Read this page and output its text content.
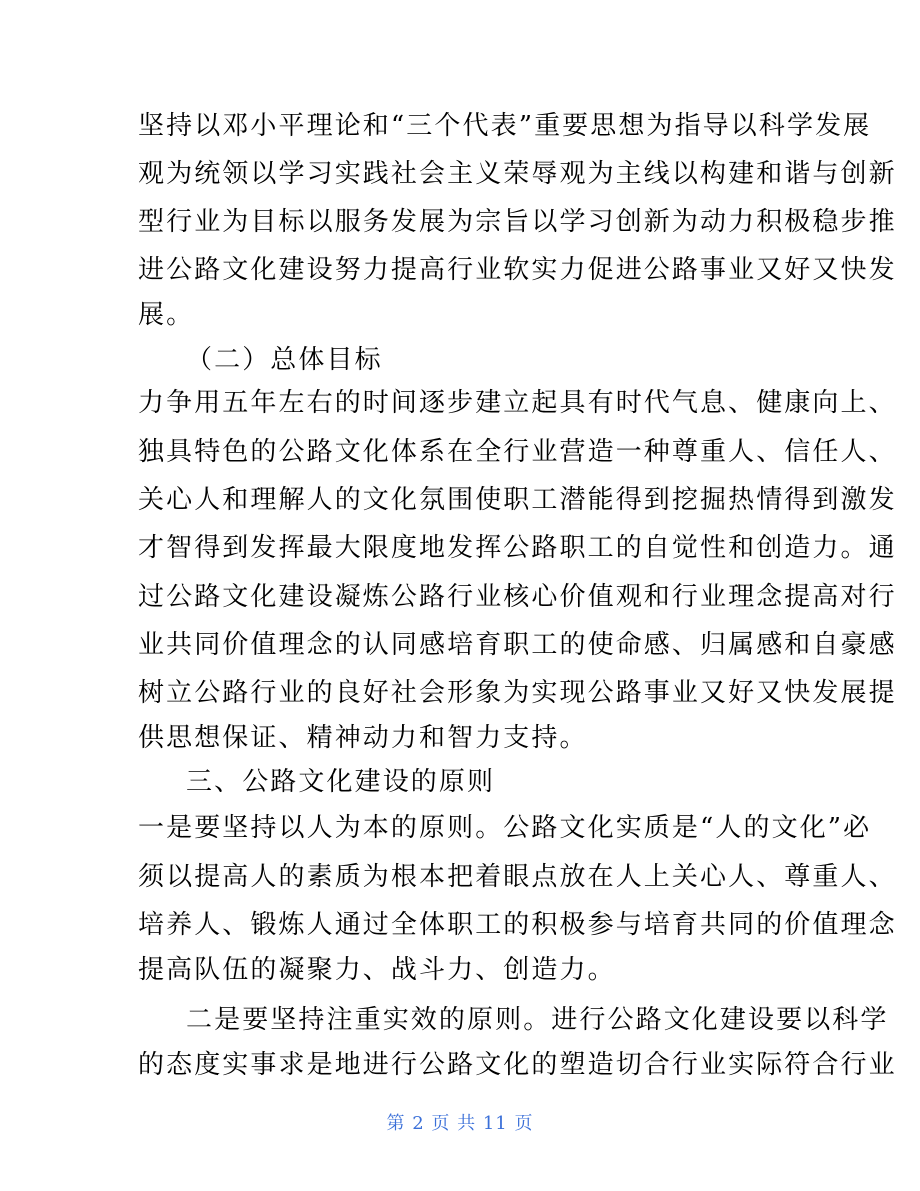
坚持以邓小平理论和“三个代表”重要思想为指导以科学发展
观为统领以学习实践社会主义荣辱观为主线以构建和谐与创新
型行业为目标以服务发展为宗旨以学习创新为动力积极稳步推
进公路文化建设努力提高行业软实力促进公路事业又好又快发
展。
（二）总体目标
力争用五年左右的时间逐步建立起具有时代气息、健康向上、
独具特色的公路文化体系在全行业营造一种尊重人、信任人、
关心人和理解人的文化氛围使职工潜能得到挖掘热情得到激发
才智得到发挥最大限度地发挥公路职工的自觉性和创造力。通
过公路文化建设凝炼公路行业核心价值观和行业理念提高对行
业共同价值理念的认同感培育职工的使命感、归属感和自豪感
树立公路行业的良好社会形象为实现公路事业又好又快发展提
供思想保证、精神动力和智力支持。
三、公路文化建设的原则
一是要坚持以人为本的原则。公路文化实质是“人的文化”必
须以提高人的素质为根本把着眼点放在人上关心人、尊重人、
培养人、锻炼人通过全体职工的积极参与培育共同的价值理念
提高队伍的凝聚力、战斗力、创造力。
二是要坚持注重实效的原则。进行公路文化建设要以科学
的态度实事求是地进行公路文化的塑造切合行业实际符合行业
第 2 页 共 11 页
